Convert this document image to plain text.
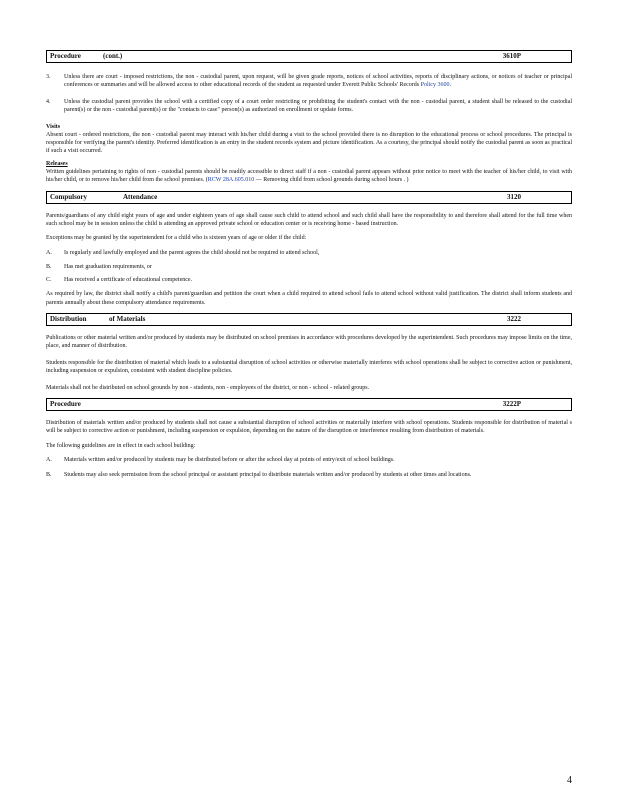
Procedure	(cont.)	3610P
3. Unless there are court - imposed restrictions, the non - custodial parent, upon request, will be given grade reports, notices of school activities, reports of disciplinary actions, or notices of teacher or principal conferences or summaries and will be allowed access to other educational records of the student as requested under Everett Public Schools' Records Policy 3600.
4. Unless the custodial parent provides the school with a certified copy of a court order restricting or prohibiting the student's contact with the non - custodial parent, a student shall be released to the custodial parent(s) or the non - custodial parent(s) or the "contacts to case" person(s) as authorized on enrollment or update forms.
Visits

Absent court - ordered restrictions, the non - custodial parent may interact with his/her child during a visit to the school provided there is no disruption to the educational process or school procedures. The principal is responsible for verifying the parent's identity. Preferred identification is an entry in the student records system and picture identification. As a courtesy, the principal should notify the custodial parent as soon as practical if such a visit occurred.

Releases

Written guidelines pertaining to rights of non - custodial parents should be readily accessible to direct staff if a non - custodial parent appears without prior notice to meet with the teacher of his/her child, to visit with his/her child, or to remove his/her child from the school premises. (RCW 28A.605.010 — Removing child from school grounds during school hours . )

Compulsory	Attendance	3120

Parents/guardians of any child eight years of age and under eighteen years of age shall cause such child to attend school and such child shall have the responsibility to and therefore shall attend for the full time when such school may be in session unless the child is attending an approved private school or education center or is receiving home - based instruction.

Exceptions may be granted by the superintendent for a child who is sixteen years of age or older if the child:

A. Is regularly and lawfully employed and the parent agrees the child should not be required to attend school,
B. Has met graduation requirements, or
C. Has received a certificate of educational competence.

As required by law, the district shall notify a child's parent/guardian and petition the court when a child required to attend school fails to attend school without valid justification. The district shall inform students and parents annually about these compulsory attendance requirements.

Distribution	of Materials	3222

Publications or other material written and/or produced by students may be distributed on school premises in accordance with procedures developed by the superintendent. Such procedures may impose limits on the time, place, and manner of distribution.

Students responsible for the distribution of material which leads to a substantial disruption of school activities or otherwise materially interferes with school operations shall be subject to corrective action or punishment, including suspension or expulsion, consistent with student discipline policies.

Materials shall not be distributed on school grounds by non - students, non - employees of the district, or non - school - related groups.

Procedure	3222P

Distribution of materials written and/or produced by students shall not cause a substantial disruption of school activities or materially interfere with school operations. Students responsible for distribution of material s will be subject to corrective action or punishment, including suspension or expulsion, depending on the nature of the disruption or interference resulting from distribution of materials.

The following guidelines are in effect in each school building:

A. Materials written and/or produced by students may be distributed before or after the school day at points of entry/exit of school buildings.
B. Students may also seek permission from the school principal or assistant principal to distribute materials written and/or produced by students at other times and locations.
4
